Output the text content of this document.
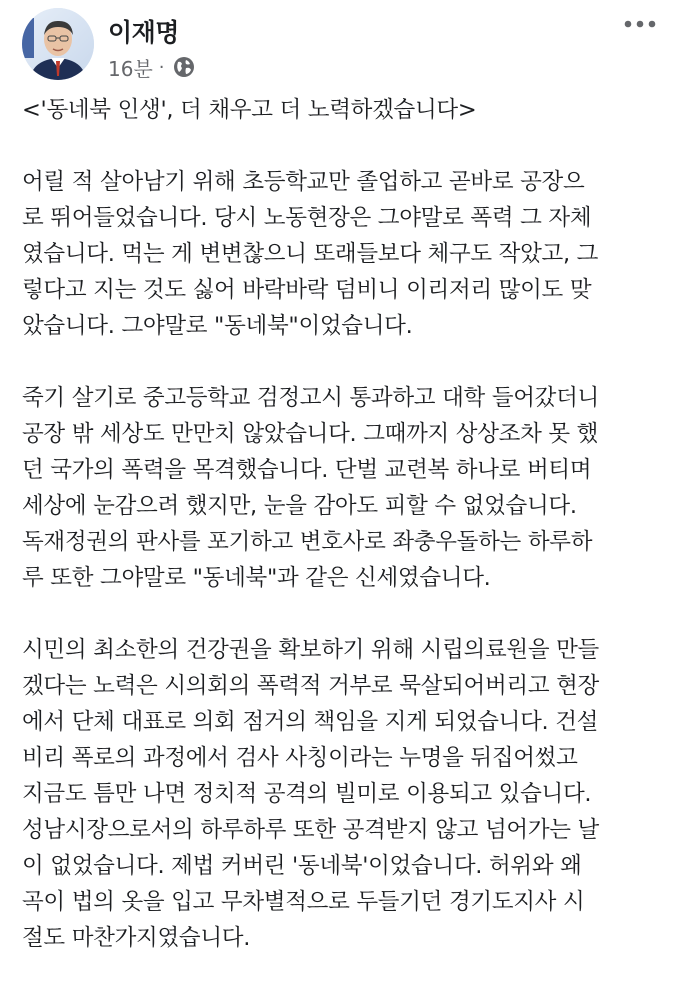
이재명
16분 ·

<'동네북 인생', 더 채우고 더 노력하겠습니다>

어릴 적 살아남기 위해 초등학교만 졸업하고 곧바로 공장으
로 뛰어들었습니다. 당시 노동현장은 그야말로 폭력 그 자체
였습니다. 먹는 게 변변찮으니 또래들보다 체구도 작았고, 그
렇다고 지는 것도 싫어 바락바락 덤비니 이리저리 많이도 맞
았습니다. 그야말로 "동네북"이었습니다.

죽기 살기로 중고등학교 검정고시 통과하고 대학 들어갔더니
공장 밖 세상도 만만치 않았습니다. 그때까지 상상조차 못 했
던 국가의 폭력을 목격했습니다. 단벌 교련복 하나로 버티며
세상에 눈감으려 했지만, 눈을 감아도 피할 수 없었습니다.
독재정권의 판사를 포기하고 변호사로 좌충우돌하는 하루하
루 또한 그야말로 "동네북"과 같은 신세였습니다.

시민의 최소한의 건강권을 확보하기 위해 시립의료원을 만들
겠다는 노력은 시의회의 폭력적 거부로 묵살되어버리고 현장
에서 단체 대표로 의회 점거의 책임을 지게 되었습니다. 건설
비리 폭로의 과정에서 검사 사칭이라는 누명을 뒤집어썼고
지금도 틈만 나면 정치적 공격의 빌미로 이용되고 있습니다.
성남시장으로서의 하루하루 또한 공격받지 않고 넘어가는 날
이 없었습니다. 제법 커버린 '동네북'이었습니다. 허위와 왜
곡이 법의 옷을 입고 무차별적으로 두들기던 경기도지사 시
절도 마찬가지였습니다.
